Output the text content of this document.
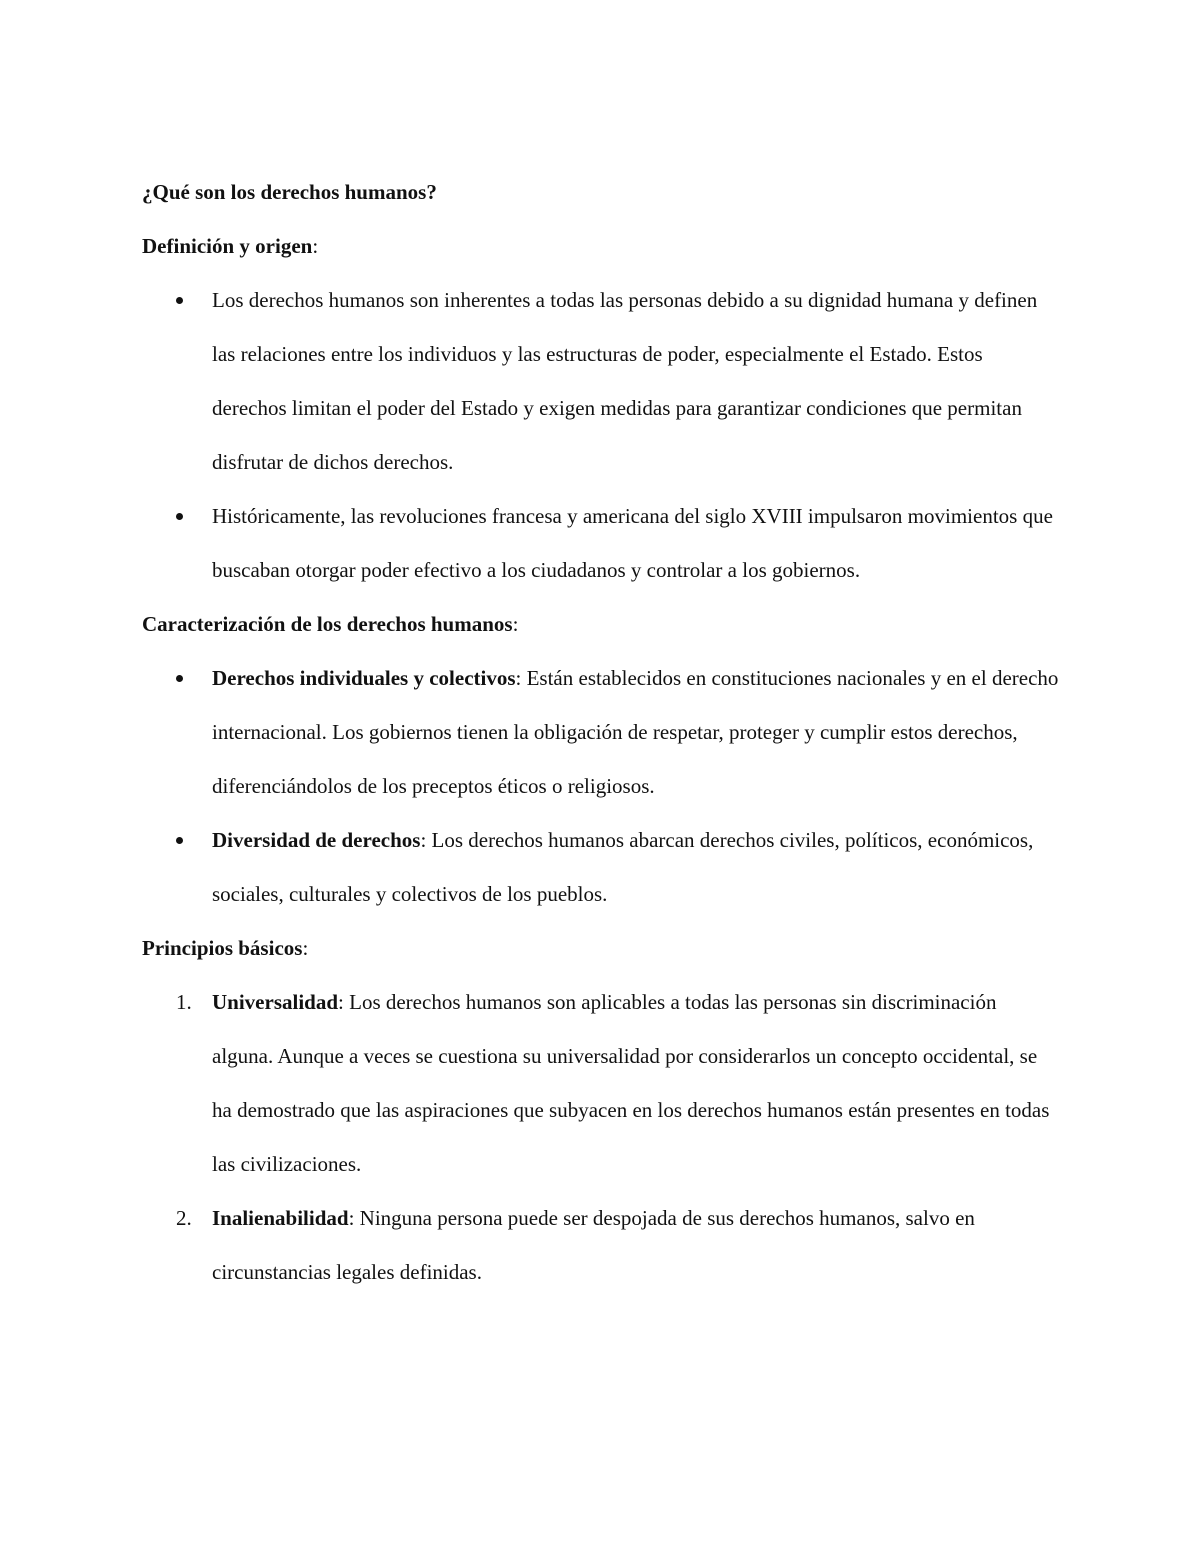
¿Qué son los derechos humanos?

Definición y origen:

Los derechos humanos son inherentes a todas las personas debido a su dignidad humana y definen las relaciones entre los individuos y las estructuras de poder, especialmente el Estado. Estos derechos limitan el poder del Estado y exigen medidas para garantizar condiciones que permitan disfrutar de dichos derechos.
Históricamente, las revoluciones francesa y americana del siglo XVIII impulsaron movimientos que buscaban otorgar poder efectivo a los ciudadanos y controlar a los gobiernos.

Caracterización de los derechos humanos:

Derechos individuales y colectivos: Están establecidos en constituciones nacionales y en el derecho internacional. Los gobiernos tienen la obligación de respetar, proteger y cumplir estos derechos, diferenciándolos de los preceptos éticos o religiosos.
Diversidad de derechos: Los derechos humanos abarcan derechos civiles, políticos, económicos, sociales, culturales y colectivos de los pueblos.

Principios básicos:

1. Universalidad: Los derechos humanos son aplicables a todas las personas sin discriminación alguna. Aunque a veces se cuestiona su universalidad por considerarlos un concepto occidental, se ha demostrado que las aspiraciones que subyacen en los derechos humanos están presentes en todas las civilizaciones.
2. Inalienabilidad: Ninguna persona puede ser despojada de sus derechos humanos, salvo en circunstancias legales definidas.
